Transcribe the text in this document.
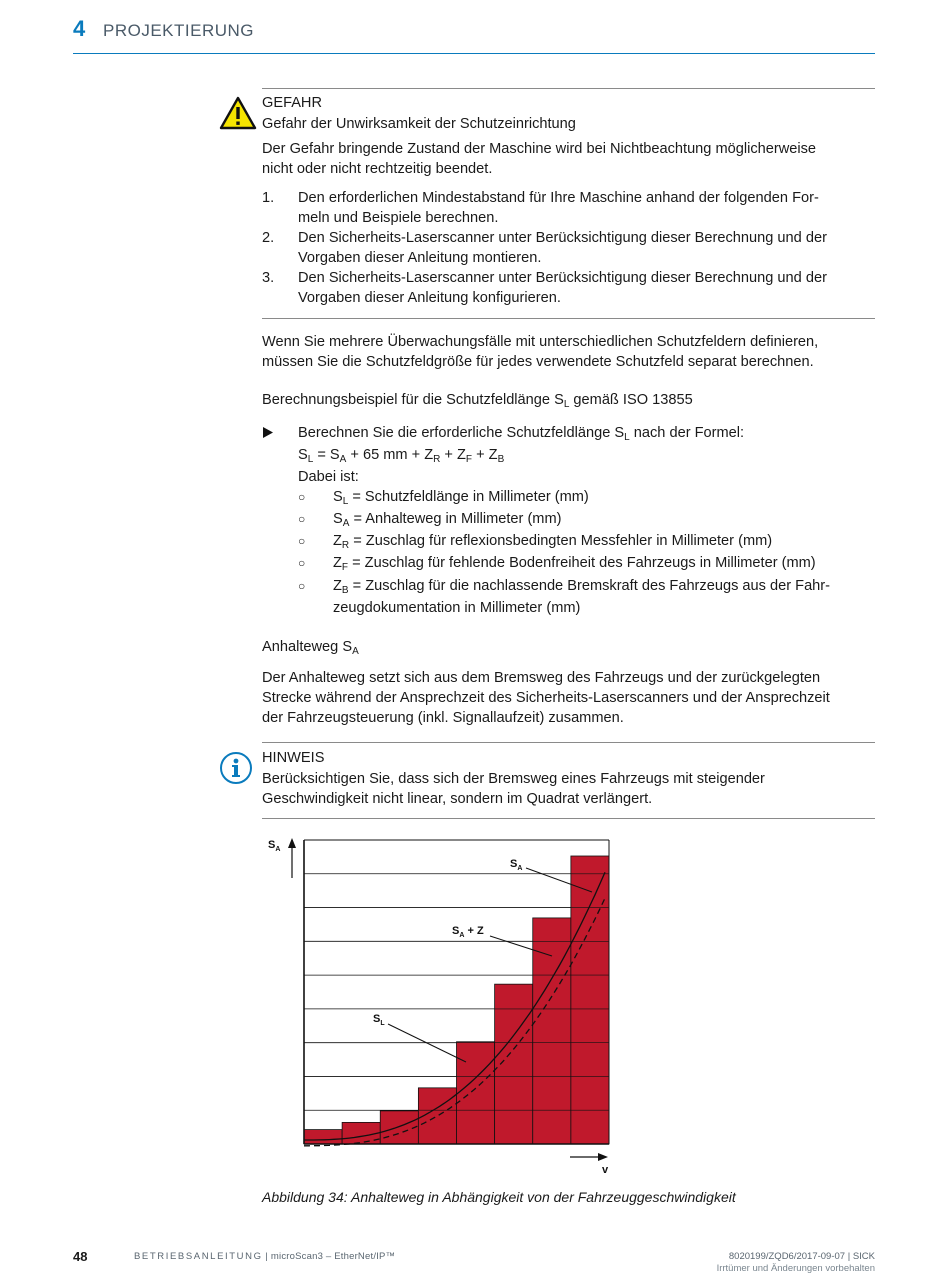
4 PROJEKTIERUNG
GEFAHR
Gefahr der Unwirksamkeit der Schutzeinrichtung
Der Gefahr bringende Zustand der Maschine wird bei Nichtbeachtung möglicherweise
nicht oder nicht rechtzeitig beendet.
1. Den erforderlichen Mindestabstand für Ihre Maschine anhand der folgenden For-
meln und Beispiele berechnen.
2. Den Sicherheits-Laserscanner unter Berücksichtigung dieser Berechnung und der
Vorgaben dieser Anleitung montieren.
3. Den Sicherheits-Laserscanner unter Berücksichtigung dieser Berechnung und der
Vorgaben dieser Anleitung konfigurieren.
Wenn Sie mehrere Überwachungsfälle mit unterschiedlichen Schutzfeldern definieren,
müssen Sie die Schutzfeldgröße für jedes verwendete Schutzfeld separat berechnen.
Berechnungsbeispiel für die Schutzfeldlänge $S_L$ gemäß ISO 13855
Berechnen Sie die erforderliche Schutzfeldlänge $S_L$ nach der Formel:
$S_L = S_A + 65$ mm + $Z_R + Z_F + Z_B$
Dabei ist:
○ $S_L$ = Schutzfeldlänge in Millimeter (mm)
○ $S_A$ = Anhalteweg in Millimeter (mm)
○ $Z_R$ = Zuschlag für reflexionsbedingten Messfehler in Millimeter (mm)
○ $Z_F$ = Zuschlag für fehlende Bodenfreiheit des Fahrzeugs in Millimeter (mm)
○ $Z_B$ = Zuschlag für die nachlassende Bremskraft des Fahrzeugs aus der Fahr-
zeugdokumentation in Millimeter (mm)
Anhalteweg $S_A$
Der Anhalteweg setzt sich aus dem Bremsweg des Fahrzeugs und der zurückgelegten
Strecke während der Ansprechzeit des Sicherheits-Laserscanners und der Ansprechzeit
der Fahrzeugsteuerung (inkl. Signallaufzeit) zusammen.
HINWEIS
Berücksichtigen Sie, dass sich der Bremsweg eines Fahrzeugs mit steigender
Geschwindigkeit nicht linear, sondern im Quadrat verlängert.
$S_A$
v
$S_A$
$S_A + Z$
$S_L$
Abbildung 34: Anhalteweg in Abhängigkeit von der Fahrzeuggeschwindigkeit
48	BETRIEBSANLEITUNG | microScan3 – EtherNet/IP™	8020199/ZQD6/2017-09-07 | SICK
Irrtümer und Änderungen vorbehalten
